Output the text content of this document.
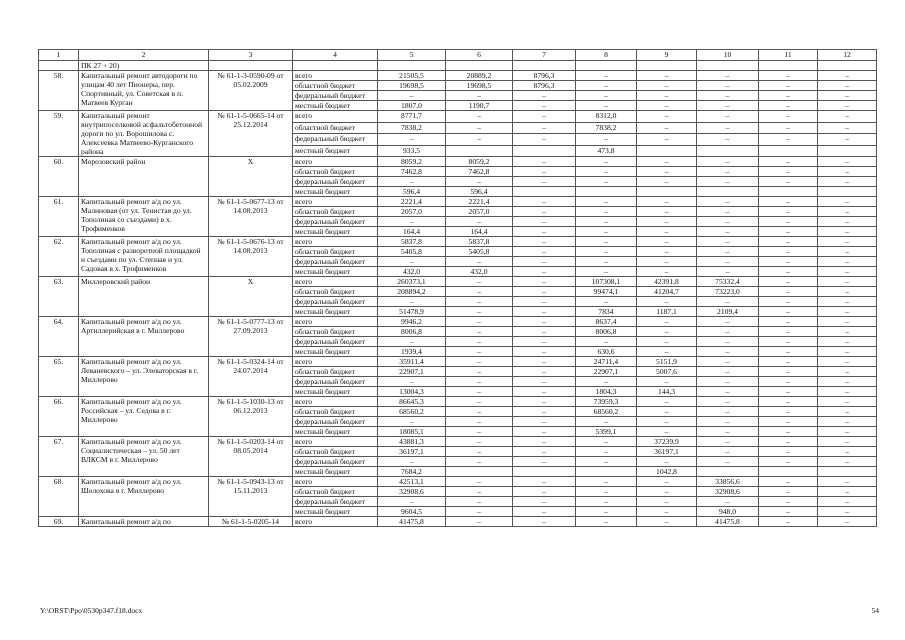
1	2	3	4	5	6	7	8	9	10	11	12
	ПК 27 + 20)										
58.	Капитальный ремонт автодороги по улицам 40 лет Пионеры, пер. Спортивный, ул. Советская в п. Матвеев Курган	№ 61-1-3-0590-09 от 05.02.2009	всего	21505,5	20889,2	8796,3	–	–	–	–	–
			областной бюджет	19698,5	19698,5	8796,3	–	–	–	–	–
			федеральный бюджет	–	–	–	–	–	–	–	–
			местный бюджет	1807,0	1190,7	–	–	–	–	–	–
59.	Капитальный ремонт внутрипоселковой асфальтобетонной дороги по ул. Ворошилова с. Алексеевка Матвеево-Курганского района	№ 61-1-5-0665-14 от 25.12.2014	всего	8771,7	–	–	8312,0	–	–	–	–
			областной бюджет	7838,2	–	–	7838,2	–	–	–	–
			федеральный бюджет	–	–	–	–	–	–	–	–
			местный бюджет	933,5			473,8				
60.	Морозовский район	X	всего	8059,2	8059,2	–	–	–	–	–	–
			областной бюджет	7462,8	7462,8	–	–	–	–	–	–
			федеральный бюджет	–	–	–	–	–	–	–	–
			местный бюджет	596,4	596,4						
61.	Капитальный ремонт а/д по ул. Малиновая (от ул. Тенистая до ул. Тополиная со съездами) в х. Трофименков	№ 61-1-5-0677-13 от 14.08.2013	всего	2221,4	2221,4	–	–	–	–	–	–
			областной бюджет	2057,0	2057,0	–	–	–	–	–	–
			федеральный бюджет	–	–	–	–	–	–	–	–
			местный бюджет	164,4	164,4	–	–	–	–	–	–
62.	Капитальный ремонт а/д по ул. Тополиная с разворотной площадкой и съездами по ул. Степная и ул. Садовая в х. Трофименков	№ 61-1-5-0676-13 от 14.08.2013	всего	5837,8	5837,8	–	–	–	–	–	–
			областной бюджет	5405,8	5405,8	–	–	–	–	–	–
			федеральный бюджет	–	–	–	–	–	–	–	–
			местный бюджет	432,0	432,0	–	–	–	–	–	–
63.	Миллеровский район	X	всего	260373,1	–	–	107308,1	42391,8	75332,4	–	–
			областной бюджет	208894,2	–	–	99474,1	41204,7	73223,0	–	–
			федеральный бюджет	–	–	–	–	–	–	–	–
			местный бюджет	51478,9	–	–	7834	1187,1	2109,4	–	–
64.	Капитальный ремонт а/д по ул. Артиллерийская в г. Миллерово	№ 61-1-5-0777-13 от 27.09.2013	всего	9946,2	–	–	8637,4	–	–	–	–
			областной бюджет	8006,8	–	–	8006,8	–	–	–	–
			федеральный бюджет	–	–	–	–	–	–	–	–
			местный бюджет	1939,4	–	–	630,6	–	–	–	–
65.	Капитальный ремонт а/д по ул. Леваневского – ул. Элеваторская в г. Миллерово	№ 61-1-5-0324-14 от 24.07.2014	всего	35911,4	–	–	24711,4	5151,9	–	–	–
			областной бюджет	22907,1	–	–	22907,1	5007,6	–	–	–
			федеральный бюджет	–	–	–	–	–	–	–	–
			местный бюджет	13004,3	–	–	1804,3	144,3	–	–	–
66.	Капитальный ремонт а/д по ул. Российская – ул. Седова в г. Миллерово	№ 61-1-5-1030-13 от 06.12.2013	всего	86645,3	–	–	73959,3	–	–	–	–
			областной бюджет	68560,2	–	–	68560,2	–	–	–	–
			федеральный бюджет	–	–	–	–	–	–	–	–
			местный бюджет	18085,1	–	–	5399,1	–	–	–	–
67.	Капитальный ремонт а/д по ул. Социалистическая – ул. 50 лет ВЛКСМ в г. Миллерово	№ 61-1-5-0203-14 от 08.05.2014	всего	43881,3	–	–	–	37239,9	–	–	–
			областной бюджет	36197,1	–	–	–	36197,1	–	–	–
			федеральный бюджет	–	–	–	–	–	–	–	–
			местный бюджет	7684,2				1042,8			
68.	Капитальный ремонт а/д по ул. Шолохова в г. Миллерово	№ 61-1-5-0943-13 от 15.11.2013	всего	42513,1	–	–	–	–	33856,6	–	–
			областной бюджет	32908,6	–	–	–	–	32908,6	–	–
			федеральный бюджет	–	–	–	–	–	–	–	–
			местный бюджет	9604,5	–	–	–	–	948,0	–	–
69.	Капитальный ремонт а/д по	№ 61-1-5-0205-14	всего	41475,8	–	–	–	–	41475,8	–	–
Y:\ORST\Ppo\0530p347.f18.docx	54
